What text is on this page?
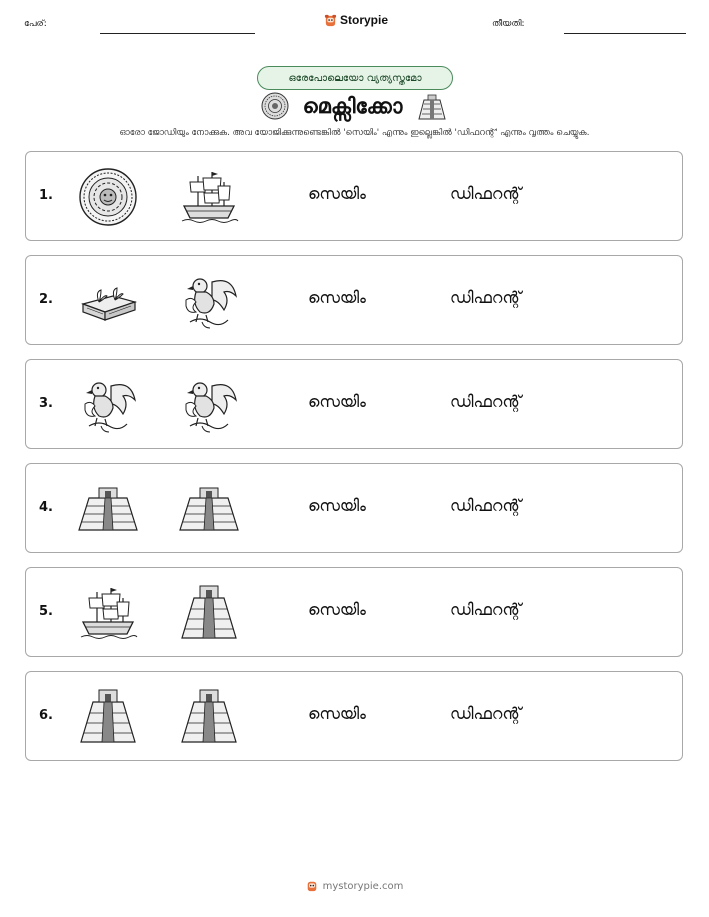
പേര്:	Storypie	തീയതി:
ഒരേപോലെയോ വ്യത്യസ്തമോ
മെക്സിക്കോ
ഓരോ ജോഡിയും നോക്കുക. അവ യോജിക്കുന്നുണ്ടെങ്കിൽ 'സെയിം' എന്നും ഇല്ലെങ്കിൽ 'ഡിഫറന്റ്' എന്നും വൃത്തം ചെയ്യുക.
1.	സെയിം	ഡിഫറന്റ്
2.	സെയിം	ഡിഫറന്റ്
3.	സെയിം	ഡിഫറന്റ്
4.	സെയിം	ഡിഫറന്റ്
5.	സെയിം	ഡിഫറന്റ്
6.	സെയിം	ഡിഫറന്റ്
mystorypie.com
